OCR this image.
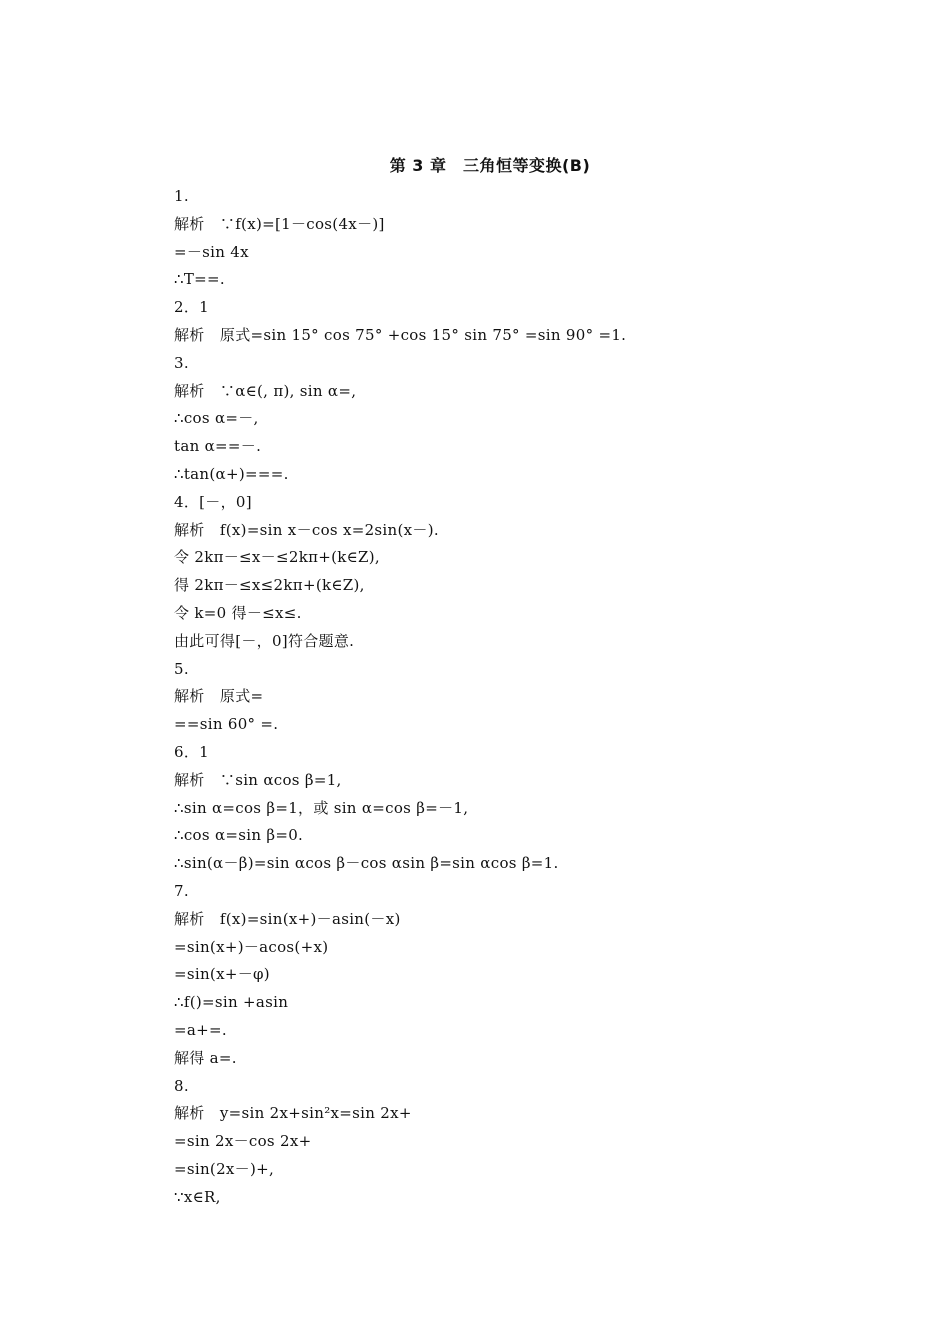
第 3 章　三角恒等变换(B)
1.
解析　∵f(x)=[1－cos(4x－)]
=－sin 4x
∴T==.
2．1
解析　原式=sin 15° cos 75° +cos 15° sin 75° =sin 90° =1.
3.
解析　∵α∈(, π), sin α=,
∴cos α=－,
tan α==－.
∴tan(α+)===.
4．[－，0]
解析　f(x)=sin x－cos x=2sin(x－).
令 2kπ－≤x－≤2kπ+(k∈Z),
得 2kπ－≤x≤2kπ+(k∈Z),
令 k=0 得－≤x≤.
由此可得[－，0]符合题意.
5.
解析　原式=
==sin 60° =.
6．1
解析　∵sin αcos β=1,
∴sin α=cos β=1，或 sin α=cos β=－1,
∴cos α=sin β=0.
∴sin(α－β)=sin αcos β－cos αsin β=sin αcos β=1.
7.
解析　f(x)=sin(x+)－asin(－x)
=sin(x+)－acos(+x)
=sin(x+－φ)
∴f()=sin +asin
=a+=.
解得 a=.
8.
解析　y=sin 2x+sin²x=sin 2x+
=sin 2x－cos 2x+
=sin(2x－)+,
∵x∈R,
